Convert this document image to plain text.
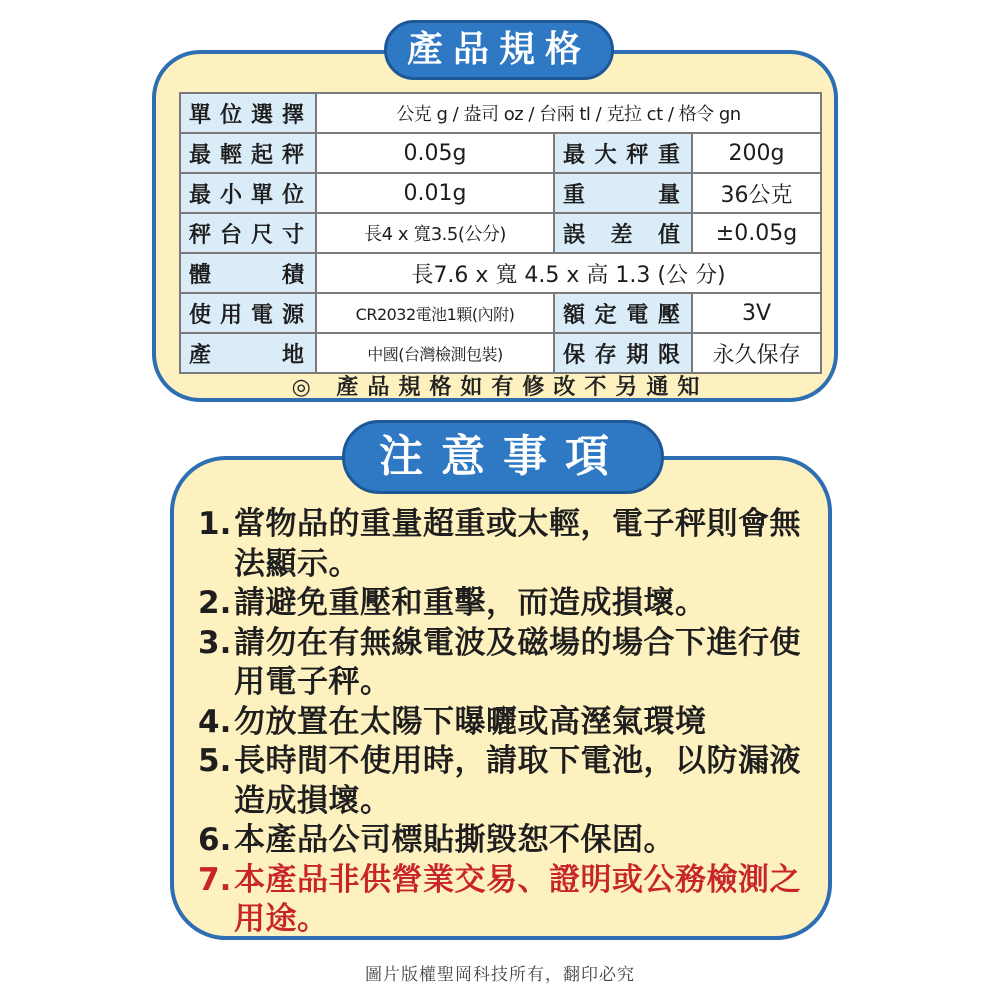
產品規格
單位選擇	公克 g / 盎司 oz / 台兩 tl / 克拉 ct / 格令 gn		
最輕起秤	0.05g	最大秤重	200g
最小單位	0.01g	重　　量	36公克
秤台尺寸	長4 x 寬3.5(公分)	誤 差 值	±0.05g
體　　積	長7.6 x 寬 4.5 x 高 1.3 (公 分)		
使用電源	CR2032電池1顆(內附)	額定電壓	3V
產　　地	中國(台灣檢測包裝)	保存期限	永久保存
◎ 產品規格如有修改不另通知
注意事項
1. 當物品的重量超重或太輕，電子秤則會無法顯示。
2. 請避免重壓和重擊，而造成損壞。
3. 請勿在有無線電波及磁場的場合下進行使用電子秤。
4. 勿放置在太陽下曝曬或高溼氣環境
5. 長時間不使用時，請取下電池，以防漏液造成損壞。
6. 本產品公司標貼撕毀恕不保固。
7. 本產品非供營業交易、證明或公務檢測之用途。
圖片版權聖岡科技所有，翻印必究
